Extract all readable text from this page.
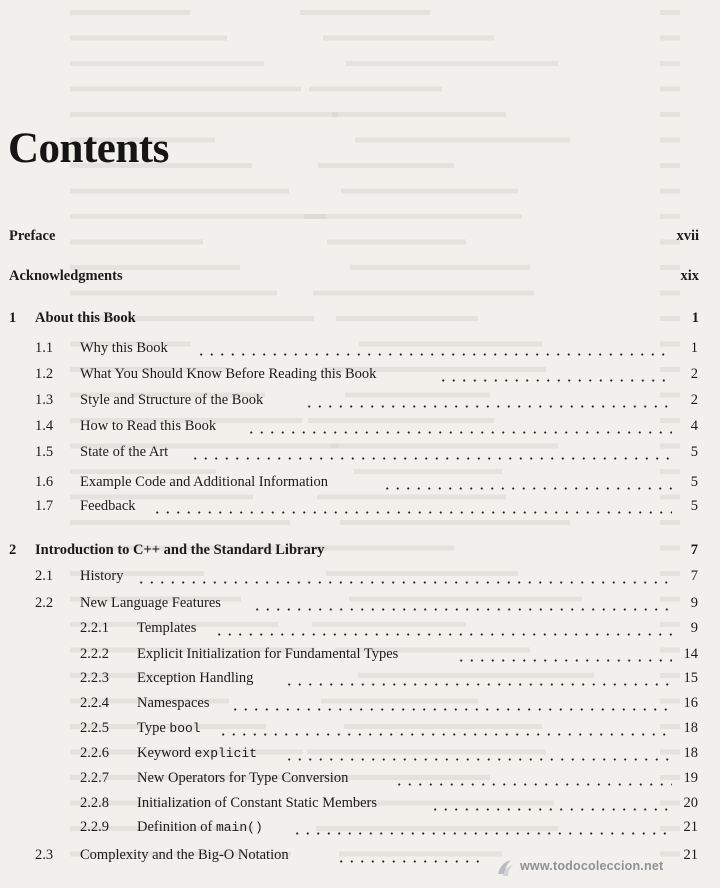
Contents
Preface	xvii
Acknowledgments	xix
1 About this Book	1
1.1 Why this Book	1
1.2 What You Should Know Before Reading this Book	2
1.3 Style and Structure of the Book	2
1.4 How to Read this Book	4
1.5 State of the Art	5
1.6 Example Code and Additional Information	5
1.7 Feedback	5
2 Introduction to C++ and the Standard Library	7
2.1 History	7
2.2 New Language Features	9
2.2.1 Templates	9
2.2.2 Explicit Initialization for Fundamental Types	14
2.2.3 Exception Handling	15
2.2.4 Namespaces	16
2.2.5 Type bool	18
2.2.6 Keyword explicit	18
2.2.7 New Operators for Type Conversion	19
2.2.8 Initialization of Constant Static Members	20
2.2.9 Definition of main()	21
2.3 Complexity and the Big-O Notation	21
www.todocoleccion.net
